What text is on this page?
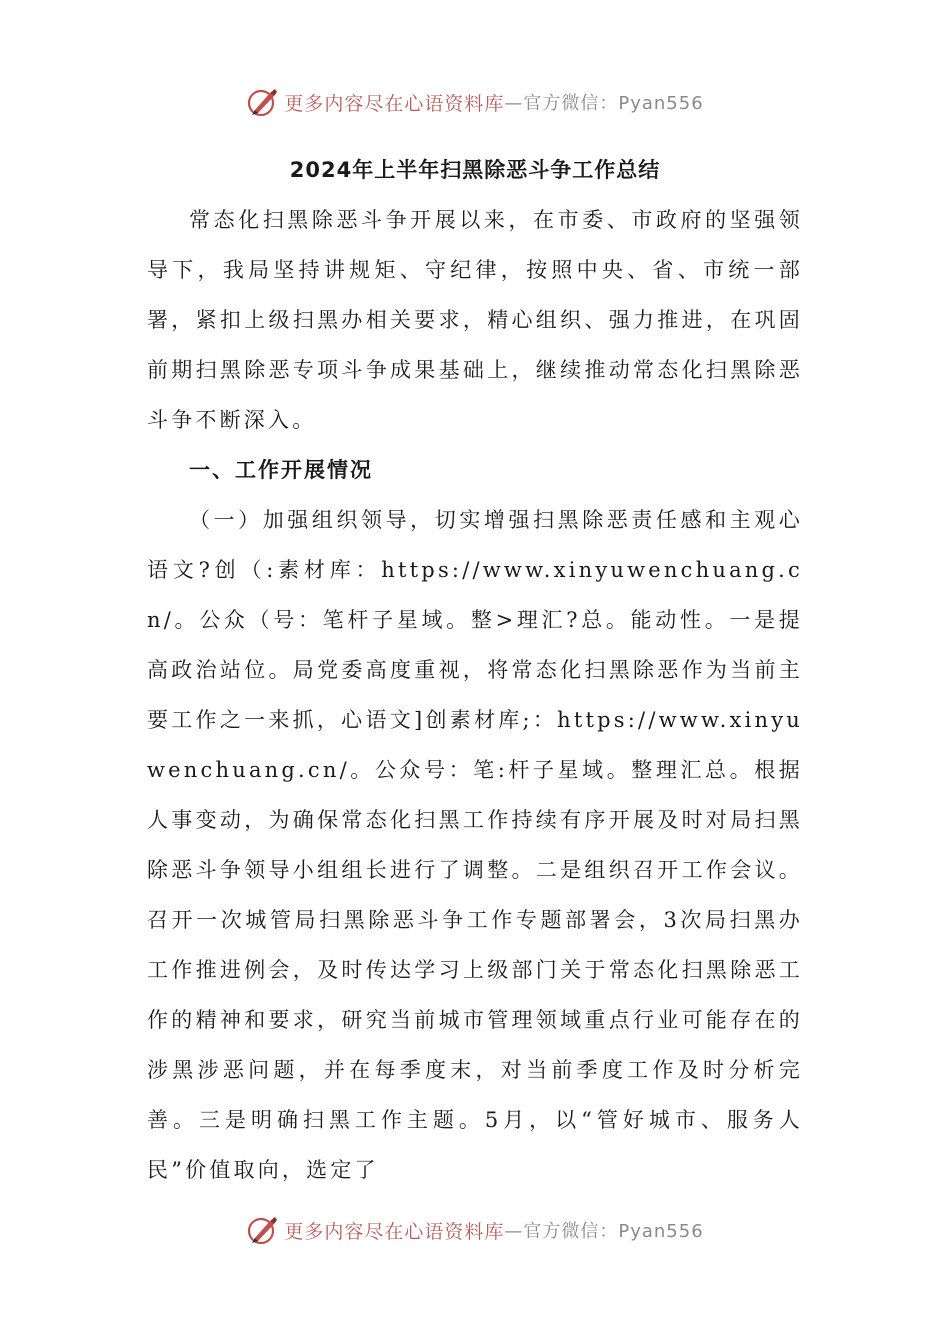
更多内容尽在心语资料库 —官方微信：Pyan556
2024年上半年扫黑除恶斗争工作总结

常态化扫黑除恶斗争开展以来，在市委、市政府的坚强领导下，我局坚持讲规矩、守纪律，按照中央、省、市统一部署，紧扣上级扫黑办相关要求，精心组织、强力推进，在巩固前期扫黑除恶专项斗争成果基础上，继续推动常态化扫黑除恶斗争不断深入。

一、工作开展情况

（一）加强组织领导，切实增强扫黑除恶责任感和主观心语文?创（:素材库：https://www.xinyuwenchuang.cn/。公众（号：笔杆子星域。整>理汇?总。能动性。一是提高政治站位。局党委高度重视，将常态化扫黑除恶作为当前主要工作之一来抓，心语文]创素材库;：https://www.xinyuwenchuang.cn/。公众号：笔:杆子星域。整理汇总。根据人事变动，为确保常态化扫黑工作持续有序开展及时对局扫黑除恶斗争领导小组组长进行了调整。二是组织召开工作会议。召开一次城管局扫黑除恶斗争工作专题部署会，3次局扫黑办工作推进例会，及时传达学习上级部门关于常态化扫黑除恶工作的精神和要求，研究当前城市管理领域重点行业可能存在的涉黑涉恶问题，并在每季度末，对当前季度工作及时分析完善。三是明确扫黑工作主题。5月，以“管好城市、服务人民”价值取向，选定了

更多内容尽在心语资料库 —官方微信：Pyan556
